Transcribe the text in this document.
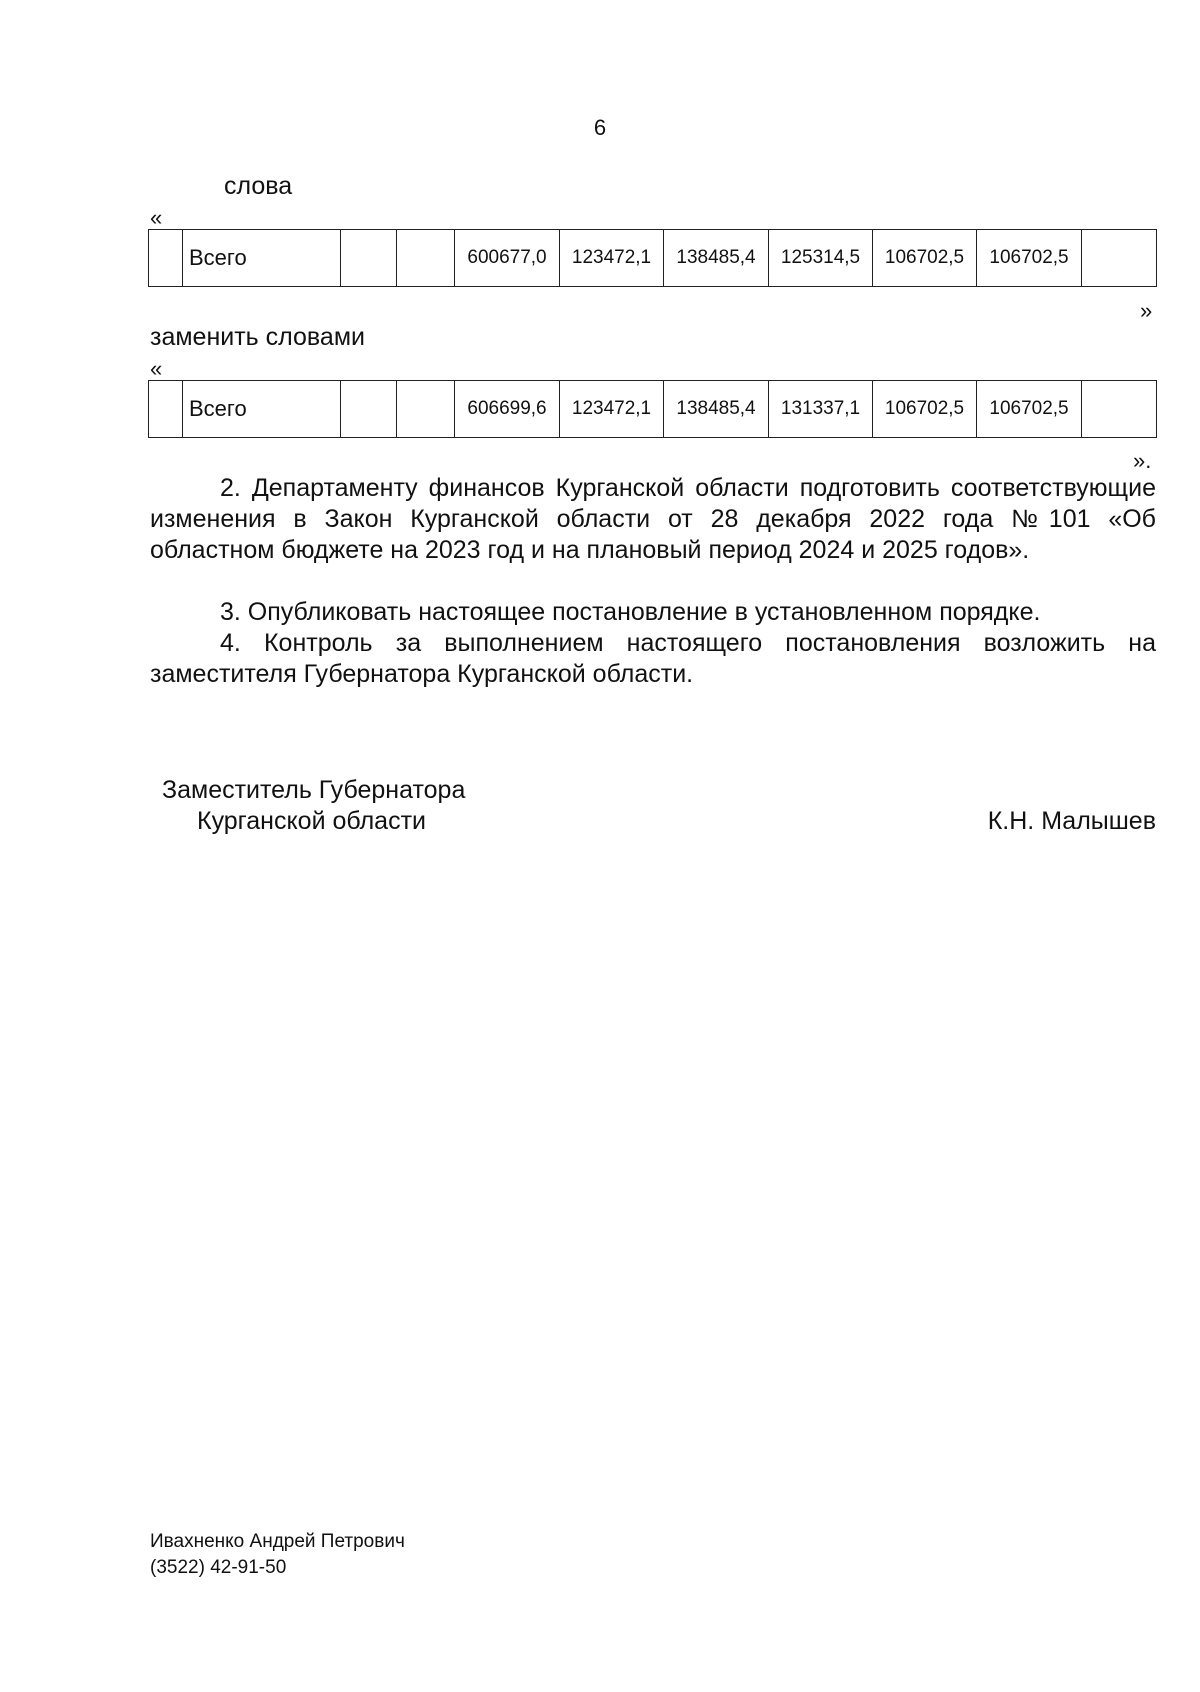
6
слова
«
	Всего			600677,0	123472,1	138485,4	125314,5	106702,5	106702,5	
»
заменить словами
«
	Всего			606699,6	123472,1	138485,4	131337,1	106702,5	106702,5	
».
2. Департаменту финансов Курганской области подготовить соответствующие изменения в Закон Курганской области от 28 декабря 2022 года №101 «Об областном бюджете на 2023 год и на плановый период 2024 и 2025 годов».
3. Опубликовать настоящее постановление в установленном порядке.
4. Контроль за выполнением настоящего постановления возложить на заместителя Губернатора Курганской области.
Заместитель Губернатора
Курганской области	К.Н. Малышев
Ивахненко Андрей Петрович
(3522) 42-91-50
